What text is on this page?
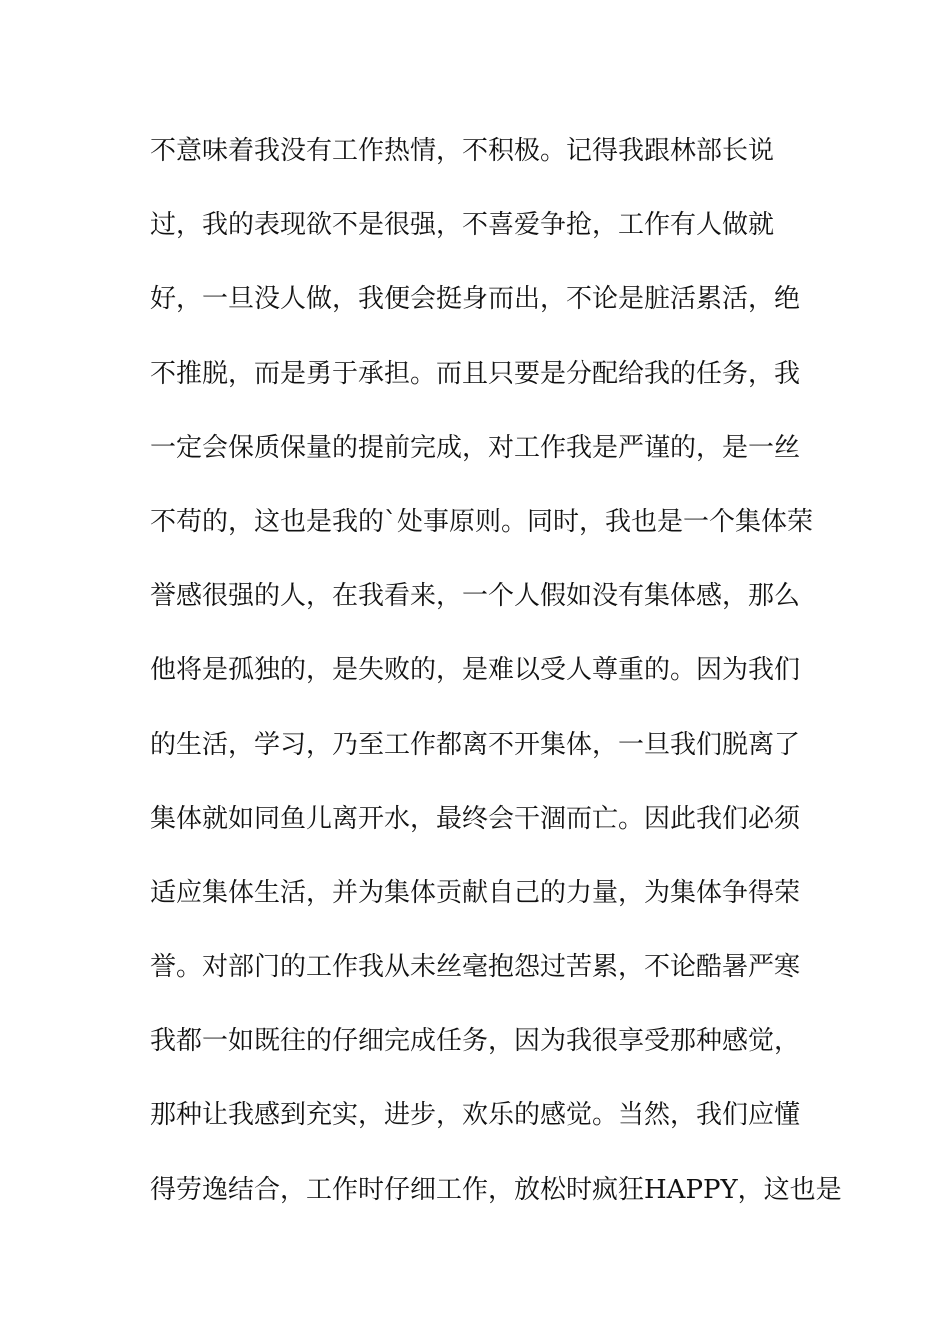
不意味着我没有工作热情，不积极。记得我跟林部长说
过，我的表现欲不是很强，不喜爱争抢，工作有人做就
好，一旦没人做，我便会挺身而出，不论是脏活累活，绝
不推脱，而是勇于承担。而且只要是分配给我的任务，我
一定会保质保量的提前完成，对工作我是严谨的，是一丝
不苟的，这也是我的`处事原则。同时，我也是一个集体荣
誉感很强的人，在我看来，一个人假如没有集体感，那么
他将是孤独的，是失败的，是难以受人尊重的。因为我们
的生活，学习，乃至工作都离不开集体，一旦我们脱离了
集体就如同鱼儿离开水，最终会干涸而亡。因此我们必须
适应集体生活，并为集体贡献自己的力量，为集体争得荣
誉。对部门的工作我从未丝毫抱怨过苦累，不论酷暑严寒
我都一如既往的仔细完成任务，因为我很享受那种感觉，
那种让我感到充实，进步，欢乐的感觉。当然，我们应懂
得劳逸结合，工作时仔细工作，放松时疯狂HAPPY，这也是
